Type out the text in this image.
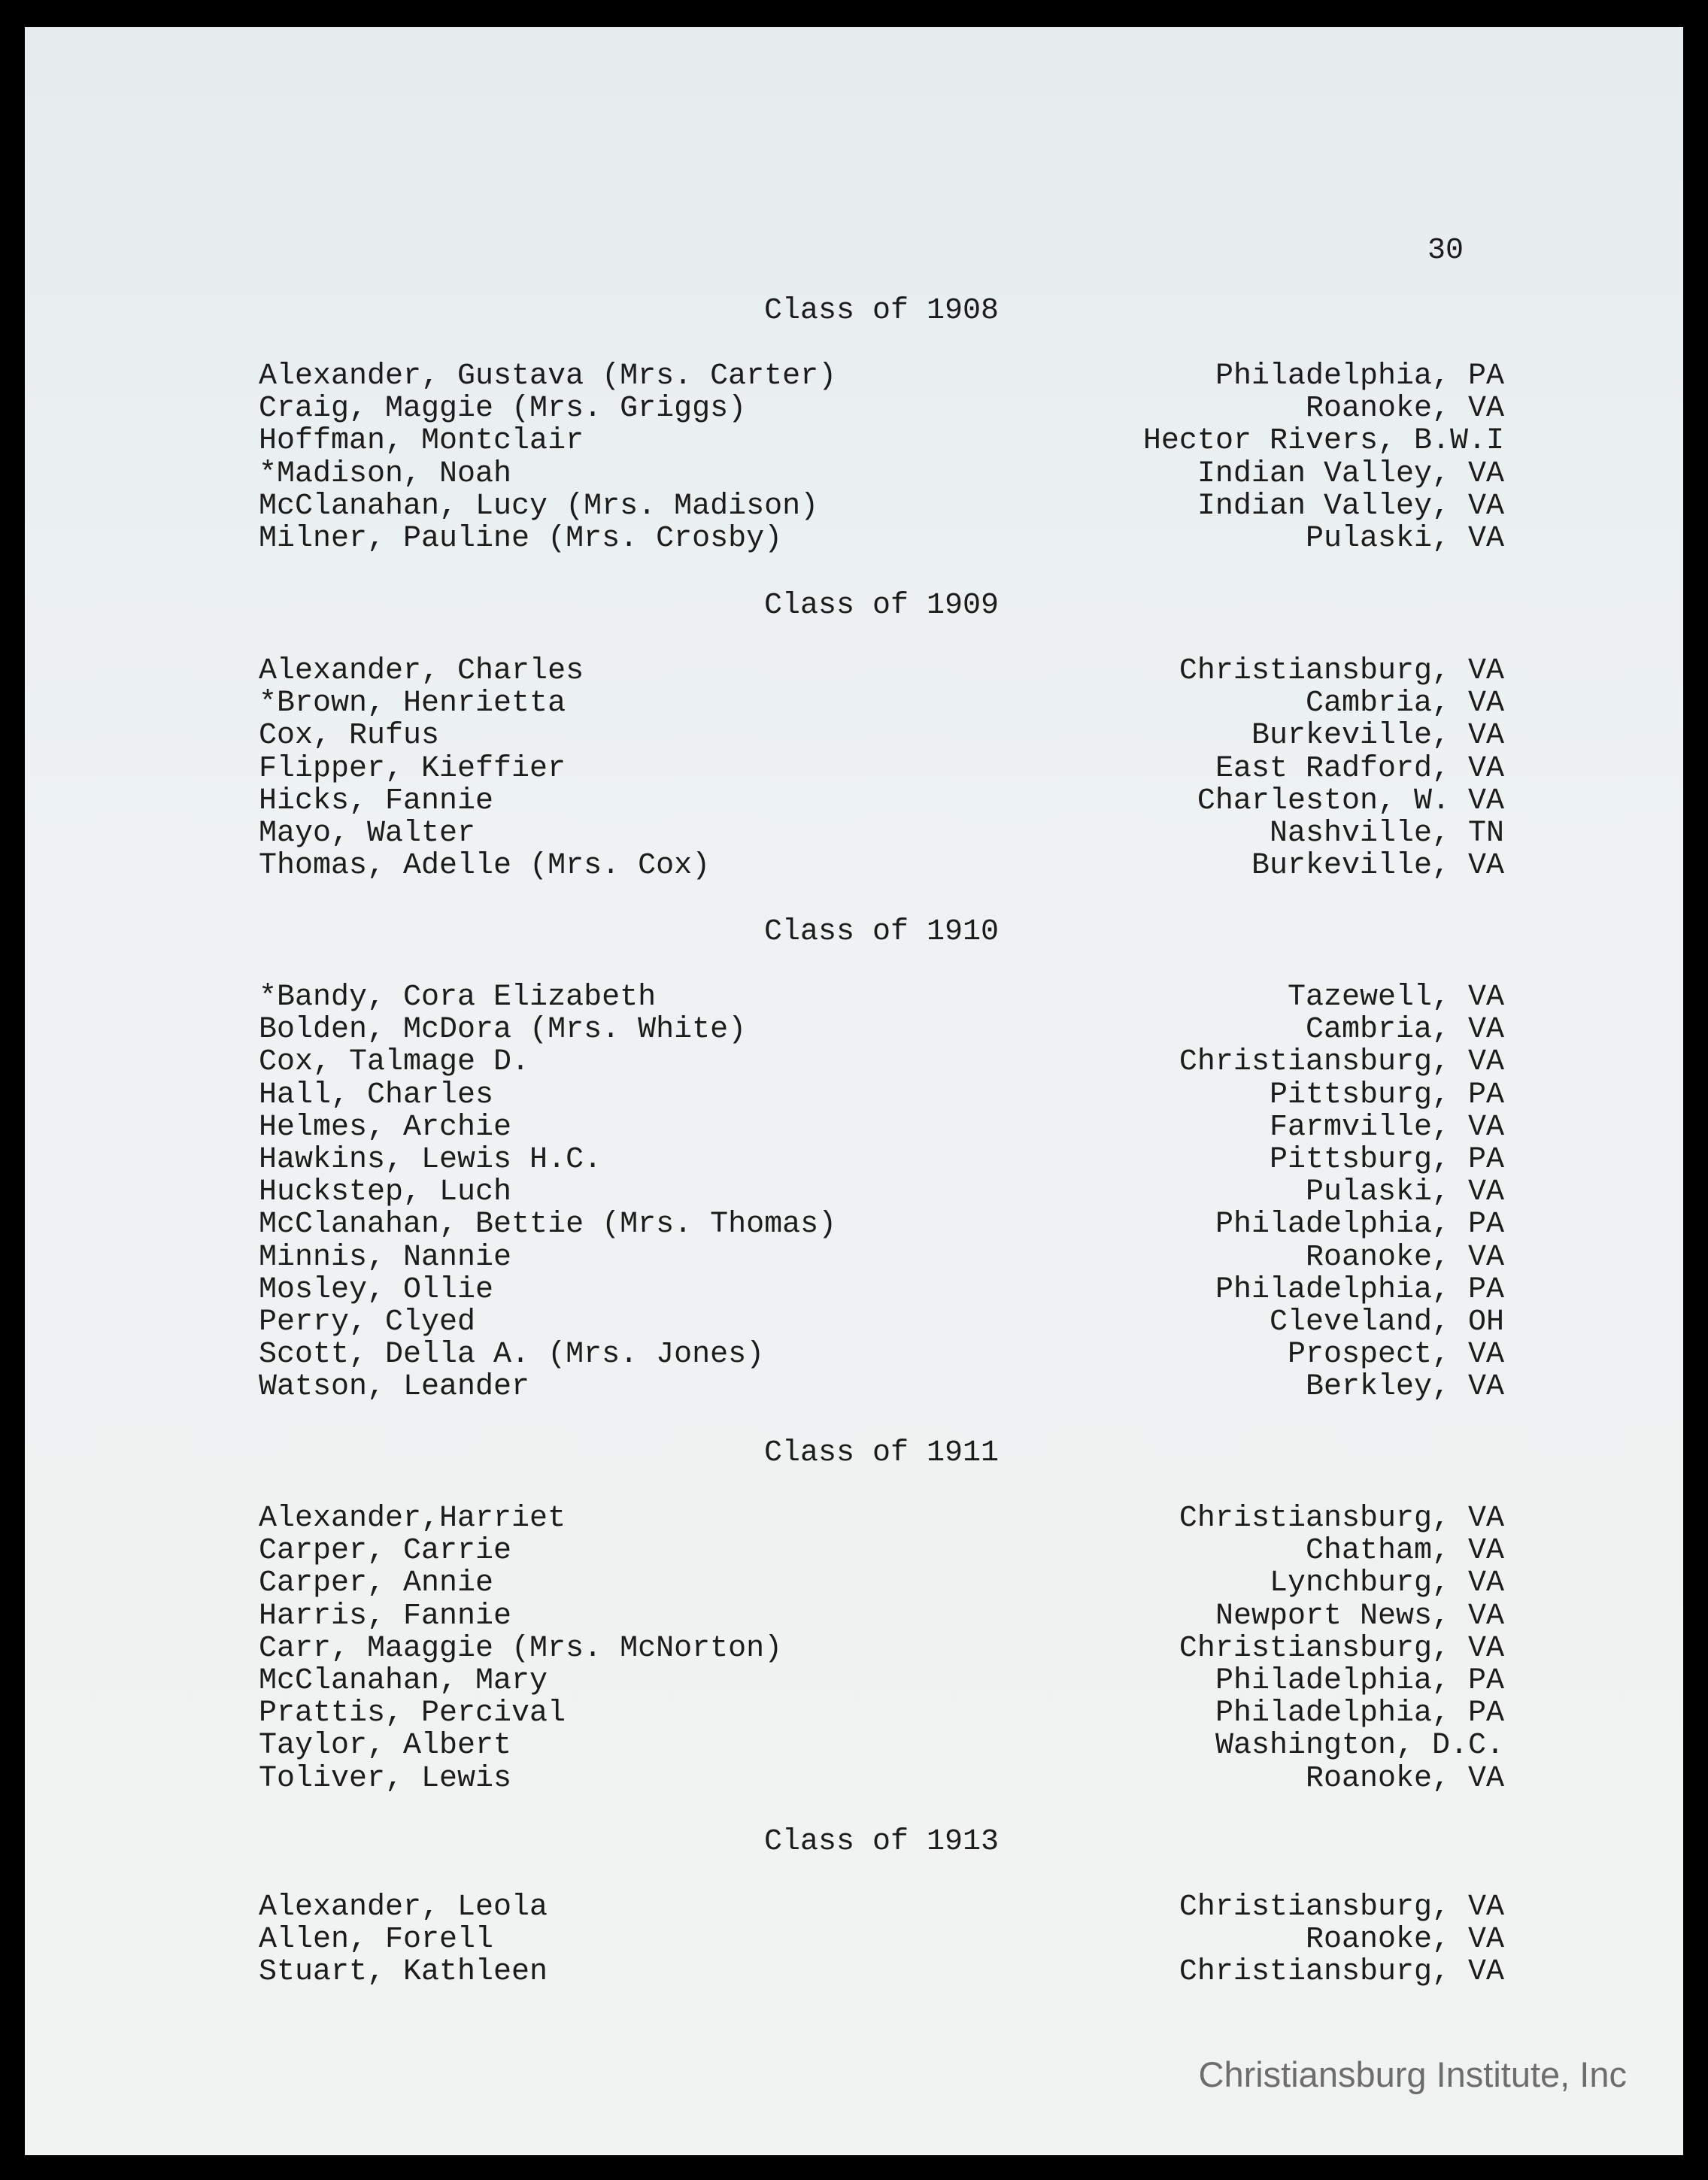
30
Class of 1908
Alexander, Gustava (Mrs. Carter)	Philadelphia, PA
Craig, Maggie (Mrs. Griggs)	Roanoke, VA
Hoffman, Montclair	Hector Rivers, B.W.I
*Madison, Noah	Indian Valley, VA
McClanahan, Lucy (Mrs. Madison)	Indian Valley, VA
Milner, Pauline (Mrs. Crosby)	Pulaski, VA
Class of 1909
Alexander, Charles	Christiansburg, VA
*Brown, Henrietta	Cambria, VA
Cox, Rufus	Burkeville, VA
Flipper, Kieffier	East Radford, VA
Hicks, Fannie	Charleston, W. VA
Mayo, Walter	Nashville, TN
Thomas, Adelle (Mrs. Cox)	Burkeville, VA
Class of 1910
*Bandy, Cora Elizabeth	Tazewell, VA
Bolden, McDora (Mrs. White)	Cambria, VA
Cox, Talmage D.	Christiansburg, VA
Hall, Charles	Pittsburg, PA
Helmes, Archie	Farmville, VA
Hawkins, Lewis H.C.	Pittsburg, PA
Huckstep, Luch	Pulaski, VA
McClanahan, Bettie (Mrs. Thomas)	Philadelphia, PA
Minnis, Nannie	Roanoke, VA
Mosley, Ollie	Philadelphia, PA
Perry, Clyed	Cleveland, OH
Scott, Della A. (Mrs. Jones)	Prospect, VA
Watson, Leander	Berkley, VA
Class of 1911
Alexander,Harriet	Christiansburg, VA
Carper, Carrie	Chatham, VA
Carper, Annie	Lynchburg, VA
Harris, Fannie	Newport News, VA
Carr, Maaggie (Mrs. McNorton)	Christiansburg, VA
McClanahan, Mary	Philadelphia, PA
Prattis, Percival	Philadelphia, PA
Taylor, Albert	Washington, D.C.
Toliver, Lewis	Roanoke, VA
Class of 1913
Alexander, Leola	Christiansburg, VA
Allen, Forell	Roanoke, VA
Stuart, Kathleen	Christiansburg, VA
Christiansburg Institute, Inc
